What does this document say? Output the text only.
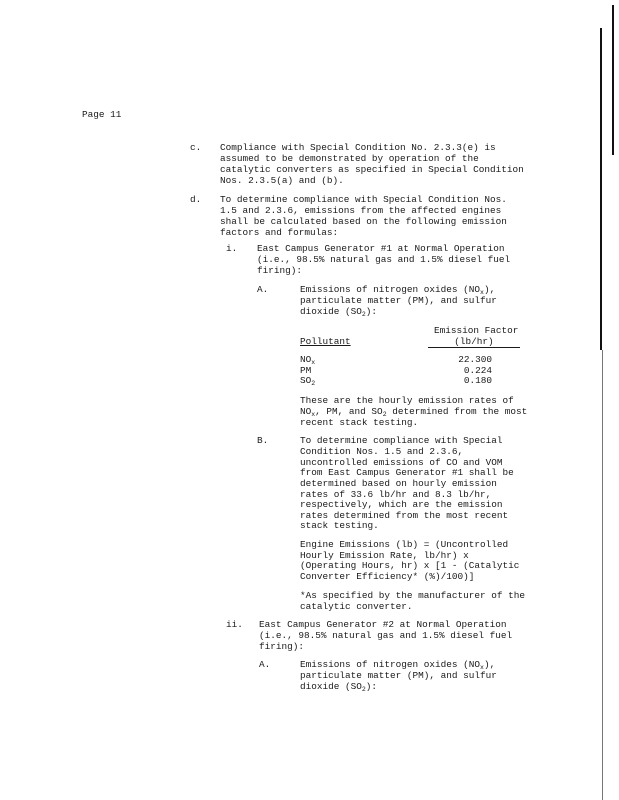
Page 11
c. Compliance with Special Condition No. 2.3.3(e) is
assumed to be demonstrated by operation of the
catalytic converters as specified in Special Condition
Nos. 2.3.5(a) and (b).
d. To determine compliance with Special Condition Nos.
1.5 and 2.3.6, emissions from the affected engines
shall be calculated based on the following emission
factors and formulas:
i. East Campus Generator #1 at Normal Operation
(i.e., 98.5% natural gas and 1.5% diesel fuel
firing):
A.	Emissions of nitrogen oxides $(NO_x)$,
particulate matter (PM), and sulfur
dioxide $(SO_2)$:
Emission Factor
Pollutant	(lb/hr)
$NO_x$	22.300
PM	0.224
$SO_2$	0.180
These are the hourly emission rates of
$NO_x$, PM, and $SO_2$ determined from the most
recent stack testing.
B.	To determine compliance with Special
Condition Nos. 1.5 and 2.3.6,
uncontrolled emissions of CO and VOM
from East Campus Generator #1 shall be
determined based on hourly emission
rates of 33.6 lb/hr and 8.3 lb/hr,
respectively, which are the emission
rates determined from the most recent
stack testing.
Engine Emissions (lb) = (Uncontrolled
Hourly Emission Rate, lb/hr) x
(Operating Hours, hr) x [1 - (Catalytic
Converter Efficiency* (%)/100)]
*As specified by the manufacturer of the
catalytic converter.
ii. East Campus Generator #2 at Normal Operation
(i.e., 98.5% natural gas and 1.5% diesel fuel
firing):
A.	Emissions of nitrogen oxides $(NO_x)$,
particulate matter (PM), and sulfur
dioxide $(SO_2)$:
